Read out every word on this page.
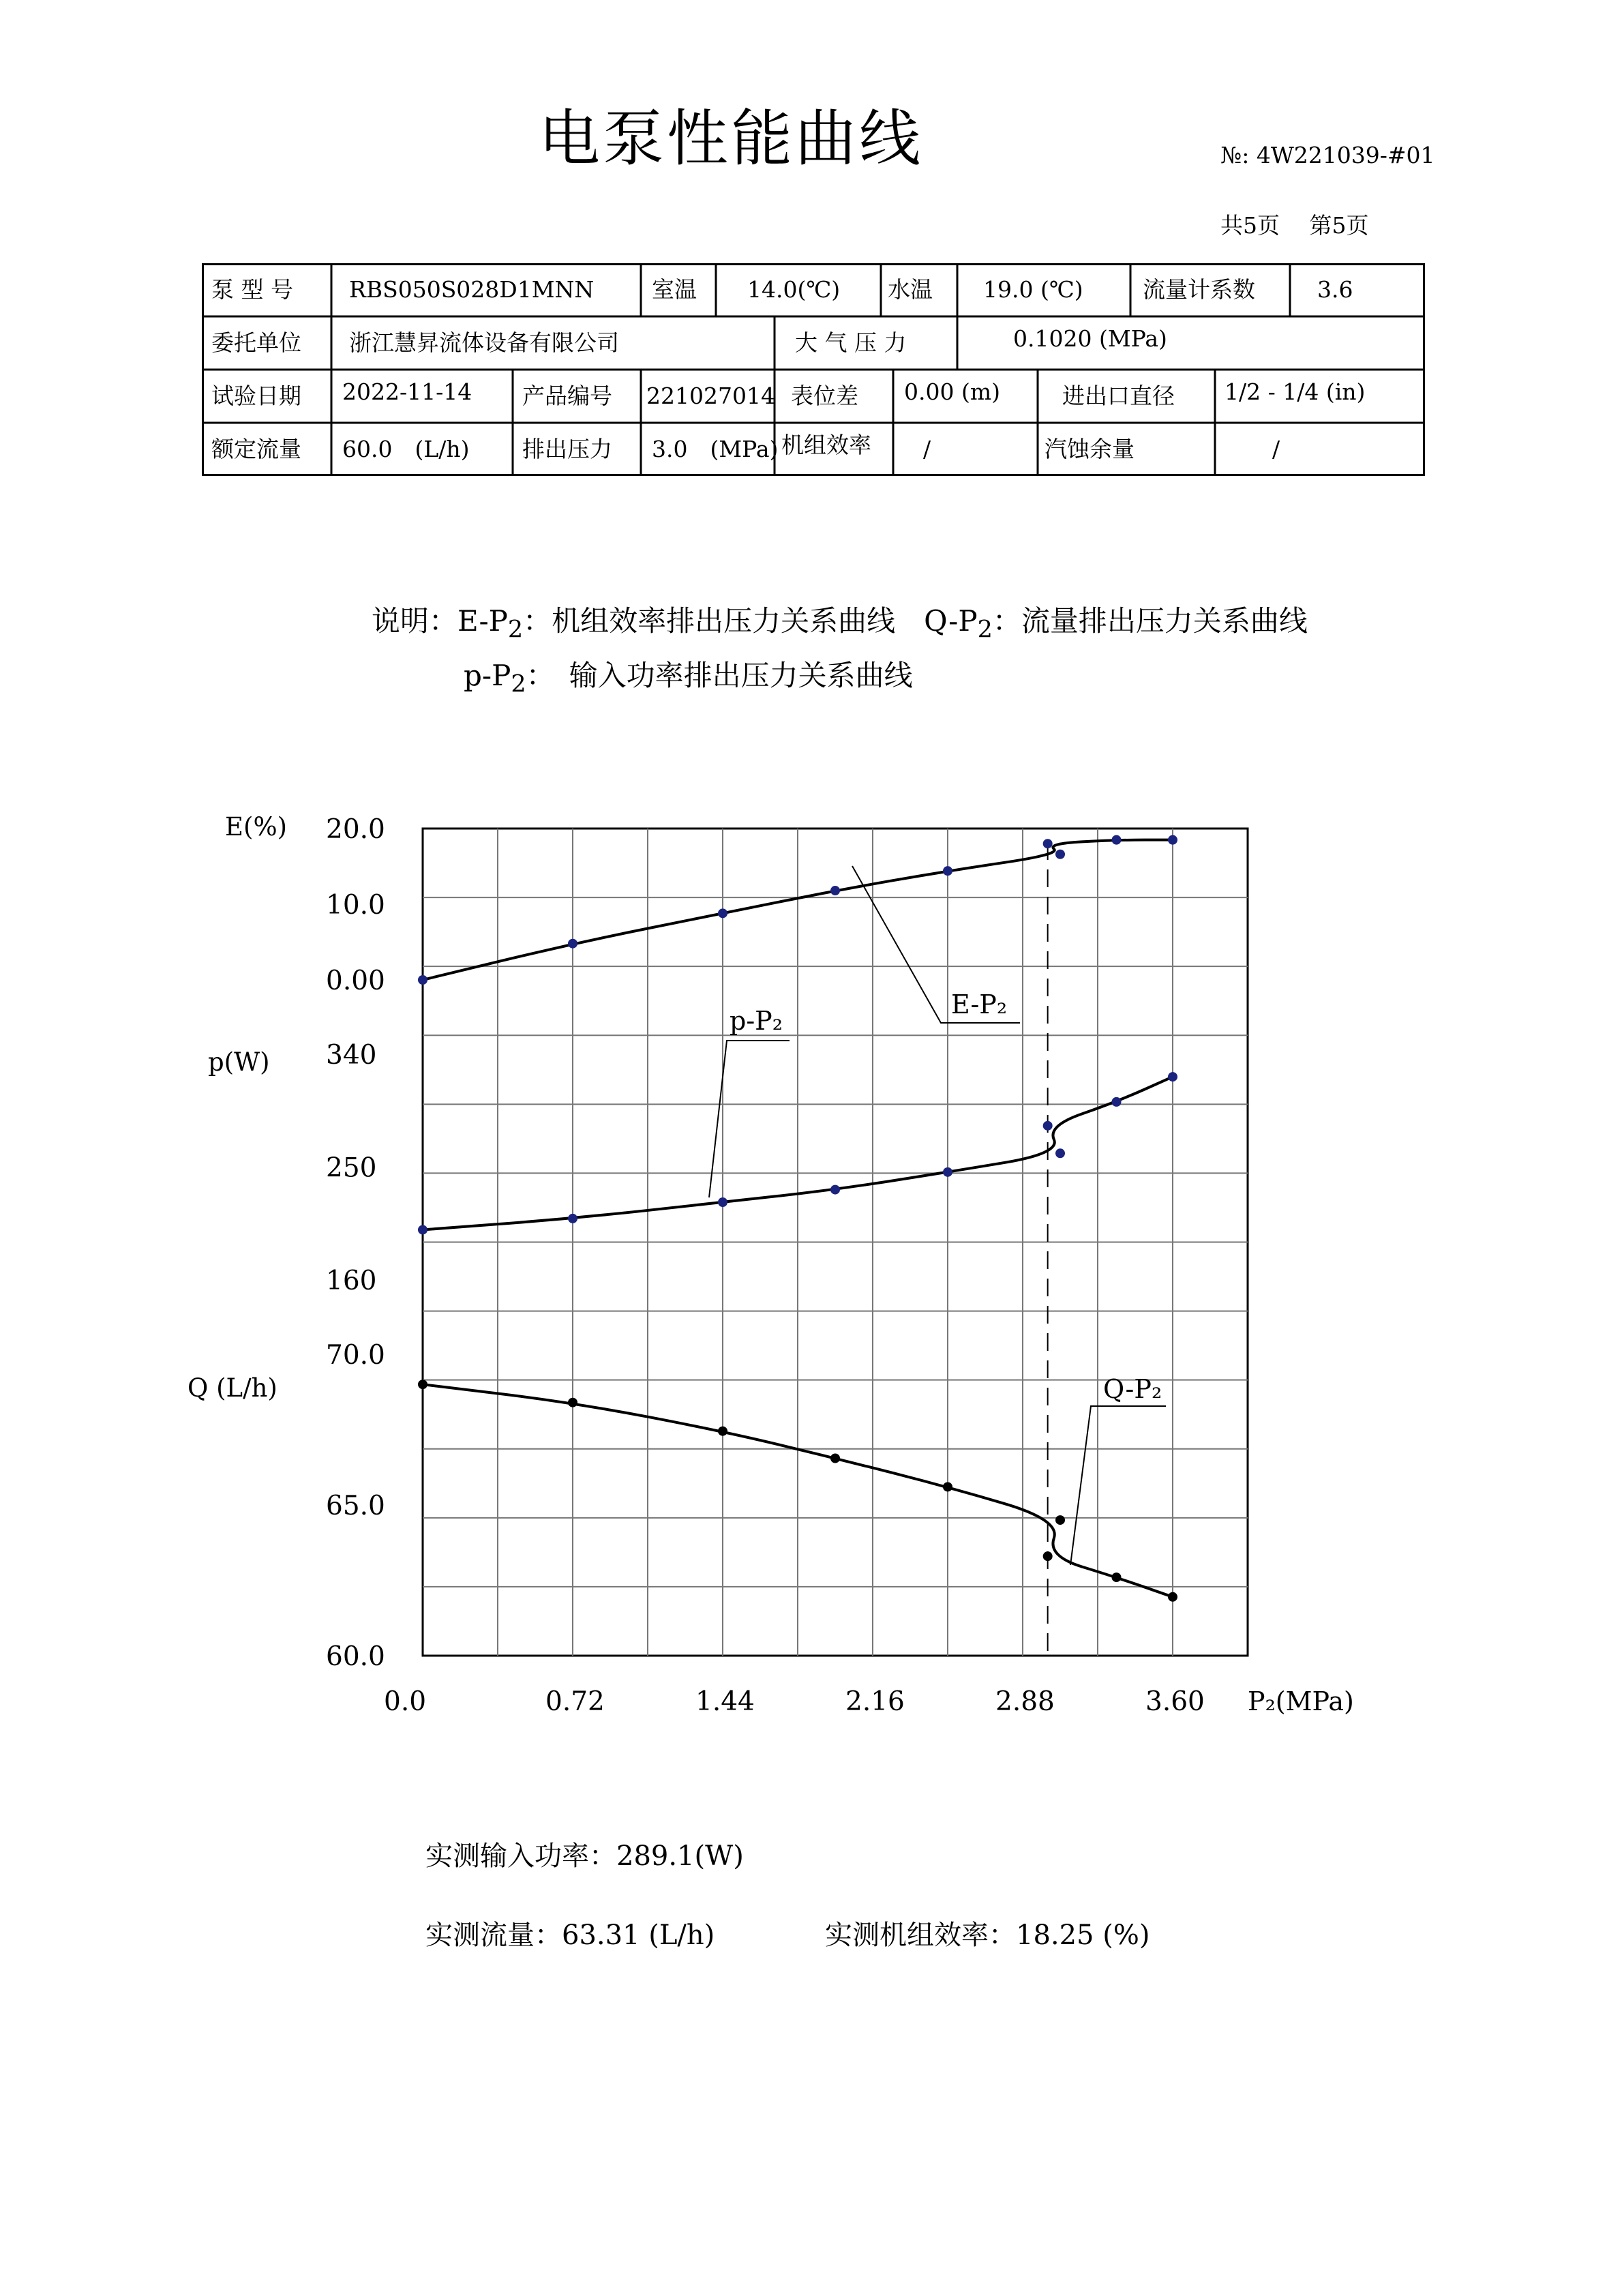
电泵性能曲线	№: 4W221039-#01
共5页　 第5页
泵 型 号 RBS050S028D1MNN	室温 14.0(℃) 水温 19.0 (℃)	流量计系数	3.6
委托单位 浙江慧昇流体设备有限公司	大 气 压 力	0.1020 (MPa)
试验日期 2022-11-14 产品编号 221027014 表位差 0.00 (m)	进出口直径 1/2 - 1/4 (in)
额定流量 60.0　(L/h) 排出压力 3.0　(MPa) 机组效率 /	汽蚀余量	/
说明：$E-P_2$：机组效率排出压力关系曲线　$Q-P_2$：流量排出压力关系曲线
$p-P_2$：　输入功率排出压力关系曲线
0.0	0.72	1.44	2.16	2.88	3.60 P₂(MPa)
E(%) 20.0
10.0
0.00
p(W) 340
250
160
Q (L/h)
70.0
65.0
60.0
E-P₂
p-P₂
Q-P₂
实测输入功率：289.1(W)
实测流量：63.31 (L/h)	实测机组效率：18.25 (%)
